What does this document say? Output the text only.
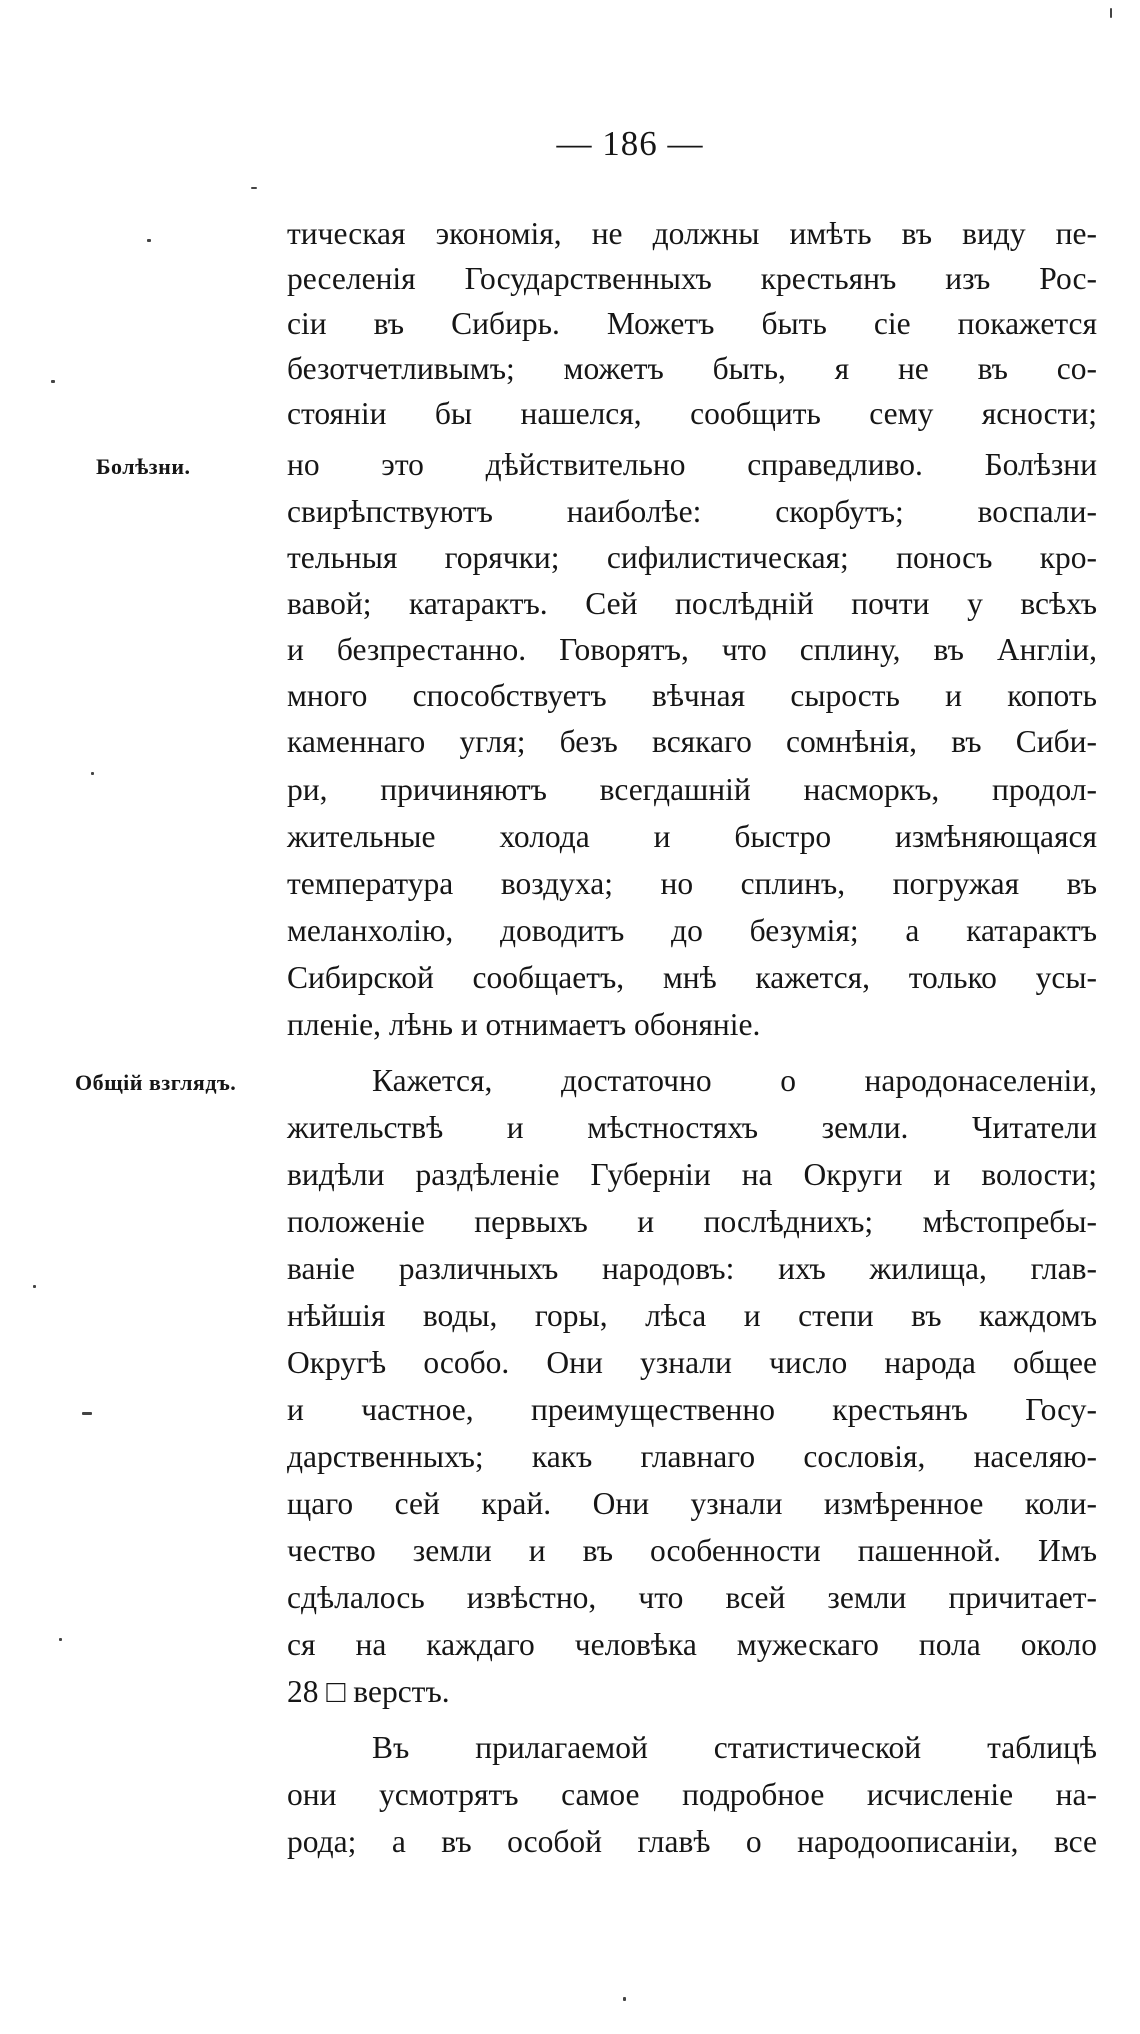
— 186 —
Болѣзни.
Общій взглядъ.
тическая экономія, не должны имѣть въ виду пе-
реселенія Государственныхъ крестьянъ изъ Рос-
сіи въ Сибирь. Можетъ быть сіе покажется
безотчетливымъ; можетъ быть, я не въ со-
стояніи бы нашелся, сообщить сему ясности;
но это дѣйствительно справедливо. Болѣзни
свирѣпствуютъ наиболѣе: скорбутъ; воспали-
тельныя горячки; сифилистическая; поносъ кро-
вавой; катарактъ. Сей послѣдній почти у всѣхъ
и безпрестанно. Говорятъ, что сплину, въ Англіи,
много способствуетъ вѣчная сырость и копоть
каменнаго угля; безъ всякаго сомнѣнія, въ Сиби-
ри, причиняютъ всегдашній насморкъ, продол-
жительные холода и быстро измѣняющаяся
температура воздуха; но сплинъ, погружая въ
меланхолію, доводитъ до безумія; а катарактъ
Сибирской сообщаетъ, мнѣ кажется, только усы-
пленіе, лѣнь и отнимаетъ обоняніе.
Кажется, достаточно о народонаселеніи,
жительствѣ и мѣстностяхъ земли. Читатели
видѣли раздѣленіе Губерніи на Округи и волости;
положеніе первыхъ и послѣднихъ; мѣстопребы-
ваніе различныхъ народовъ: ихъ жилища, глав-
нѣйшія воды, горы, лѣса и степи въ каждомъ
Округѣ особо. Они узнали число народа общее
и частное, преимущественно крестьянъ Госу-
дарственныхъ; какъ главнаго сословія, населяю-
щаго сей край. Они узнали измѣренное коли-
чество земли и въ особенности пашенной. Имъ
сдѣлалось извѣстно, что всей земли причитает-
ся на каждаго человѣка мужескаго пола около
28 □ верстъ.
Въ прилагаемой статистической таблицѣ
они усмотрятъ самое подробное исчисленіе на-
рода; а въ особой главѣ о народоописаніи, все
